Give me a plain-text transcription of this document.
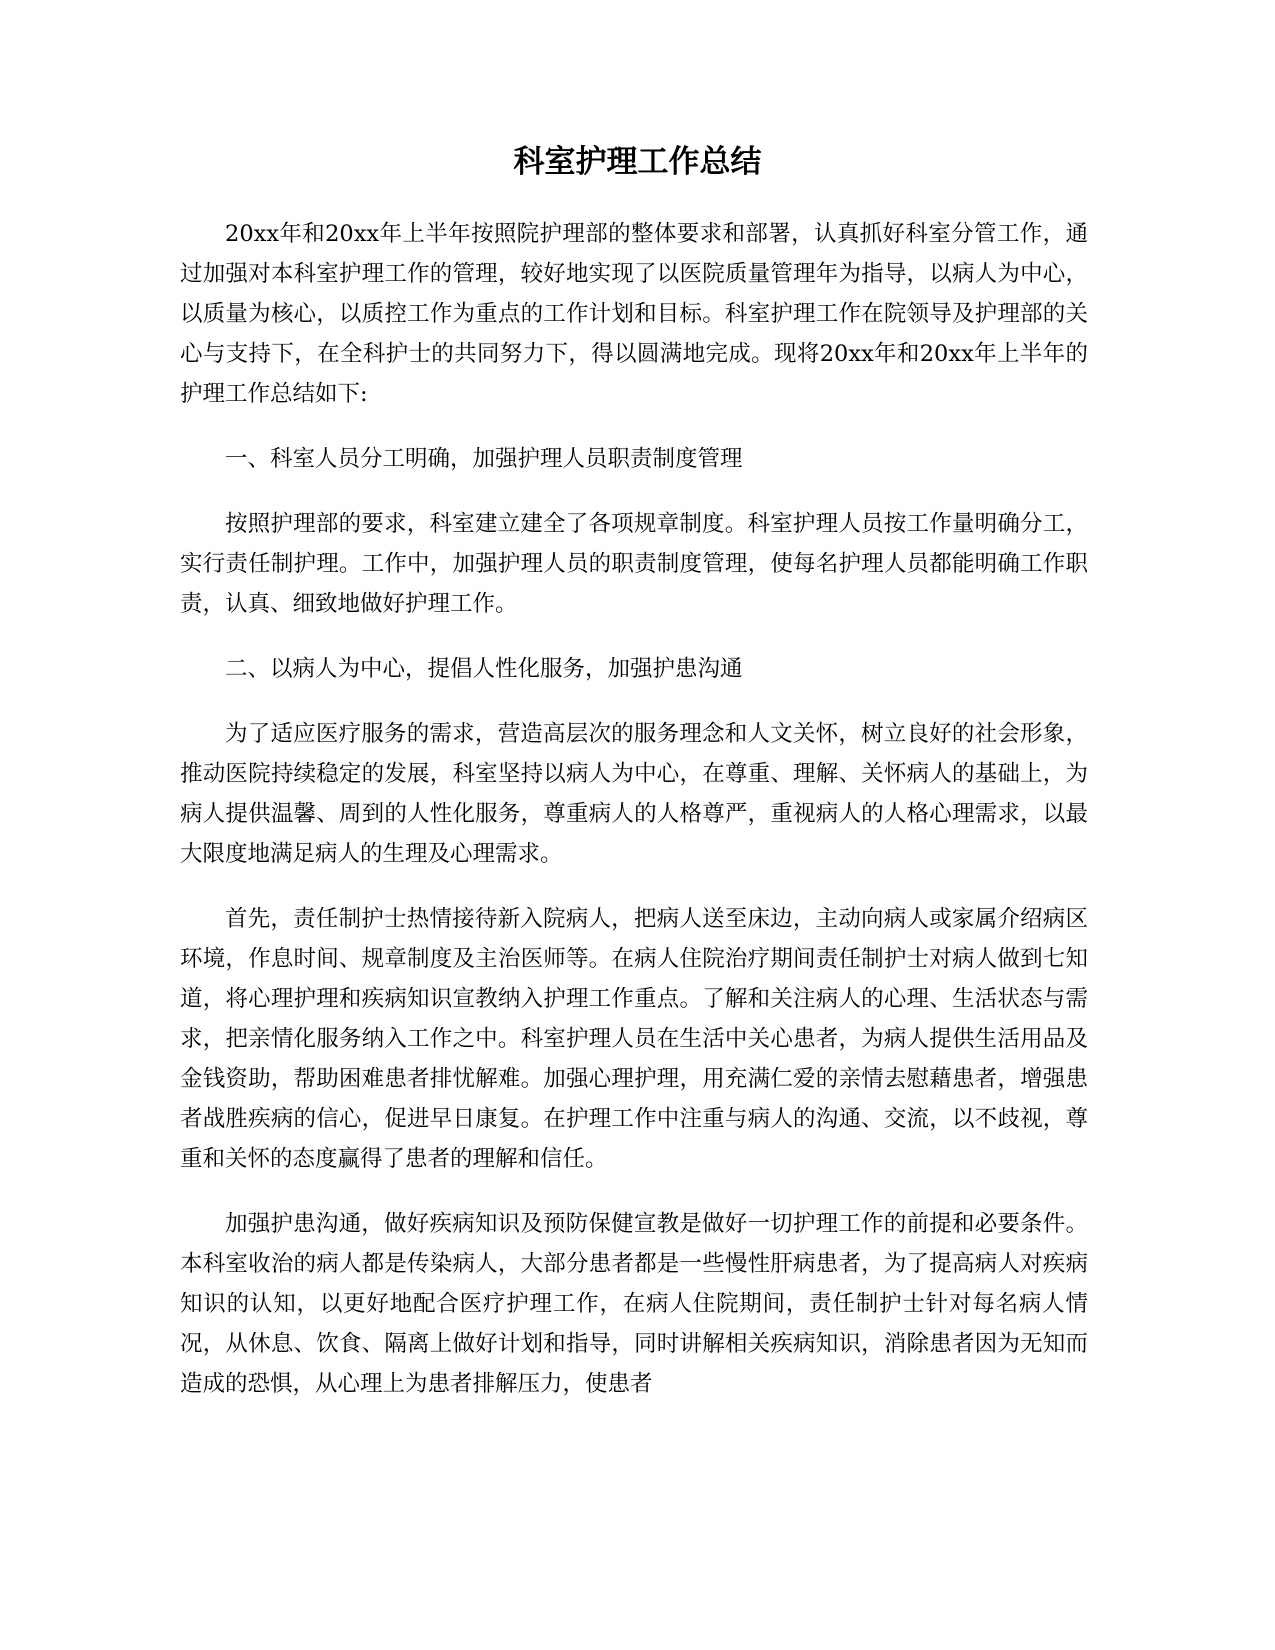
科室护理工作总结

20xx年和20xx年上半年按照院护理部的整体要求和部署，认真抓好科室分管工作，通过加强对本科室护理工作的管理，较好地实现了以医院质量管理年为指导，以病人为中心，以质量为核心，以质控工作为重点的工作计划和目标。科室护理工作在院领导及护理部的关心与支持下，在全科护士的共同努力下，得以圆满地完成。现将20xx年和20xx年上半年的护理工作总结如下:

一、科室人员分工明确，加强护理人员职责制度管理

按照护理部的要求，科室建立建全了各项规章制度。科室护理人员按工作量明确分工，实行责任制护理。工作中，加强护理人员的职责制度管理，使每名护理人员都能明确工作职责，认真、细致地做好护理工作。

二、以病人为中心，提倡人性化服务，加强护患沟通

为了适应医疗服务的需求，营造高层次的服务理念和人文关怀，树立良好的社会形象，推动医院持续稳定的发展，科室坚持以病人为中心，在尊重、理解、关怀病人的基础上，为病人提供温馨、周到的人性化服务，尊重病人的人格尊严，重视病人的人格心理需求，以最大限度地满足病人的生理及心理需求。

首先，责任制护士热情接待新入院病人，把病人送至床边，主动向病人或家属介绍病区环境，作息时间、规章制度及主治医师等。在病人住院治疗期间责任制护士对病人做到七知道，将心理护理和疾病知识宣教纳入护理工作重点。了解和关注病人的心理、生活状态与需求，把亲情化服务纳入工作之中。科室护理人员在生活中关心患者，为病人提供生活用品及金钱资助，帮助困难患者排忧解难。加强心理护理，用充满仁爱的亲情去慰藉患者，增强患者战胜疾病的信心，促进早日康复。在护理工作中注重与病人的沟通、交流，以不歧视，尊重和关怀的态度赢得了患者的理解和信任。

加强护患沟通，做好疾病知识及预防保健宣教是做好一切护理工作的前提和必要条件。本科室收治的病人都是传染病人，大部分患者都是一些慢性肝病患者，为了提高病人对疾病知识的认知，以更好地配合医疗护理工作，在病人住院期间，责任制护士针对每名病人情况，从休息、饮食、隔离上做好计划和指导，同时讲解相关疾病知识，消除患者因为无知而造成的恐惧，从心理上为患者排解压力，使患者
